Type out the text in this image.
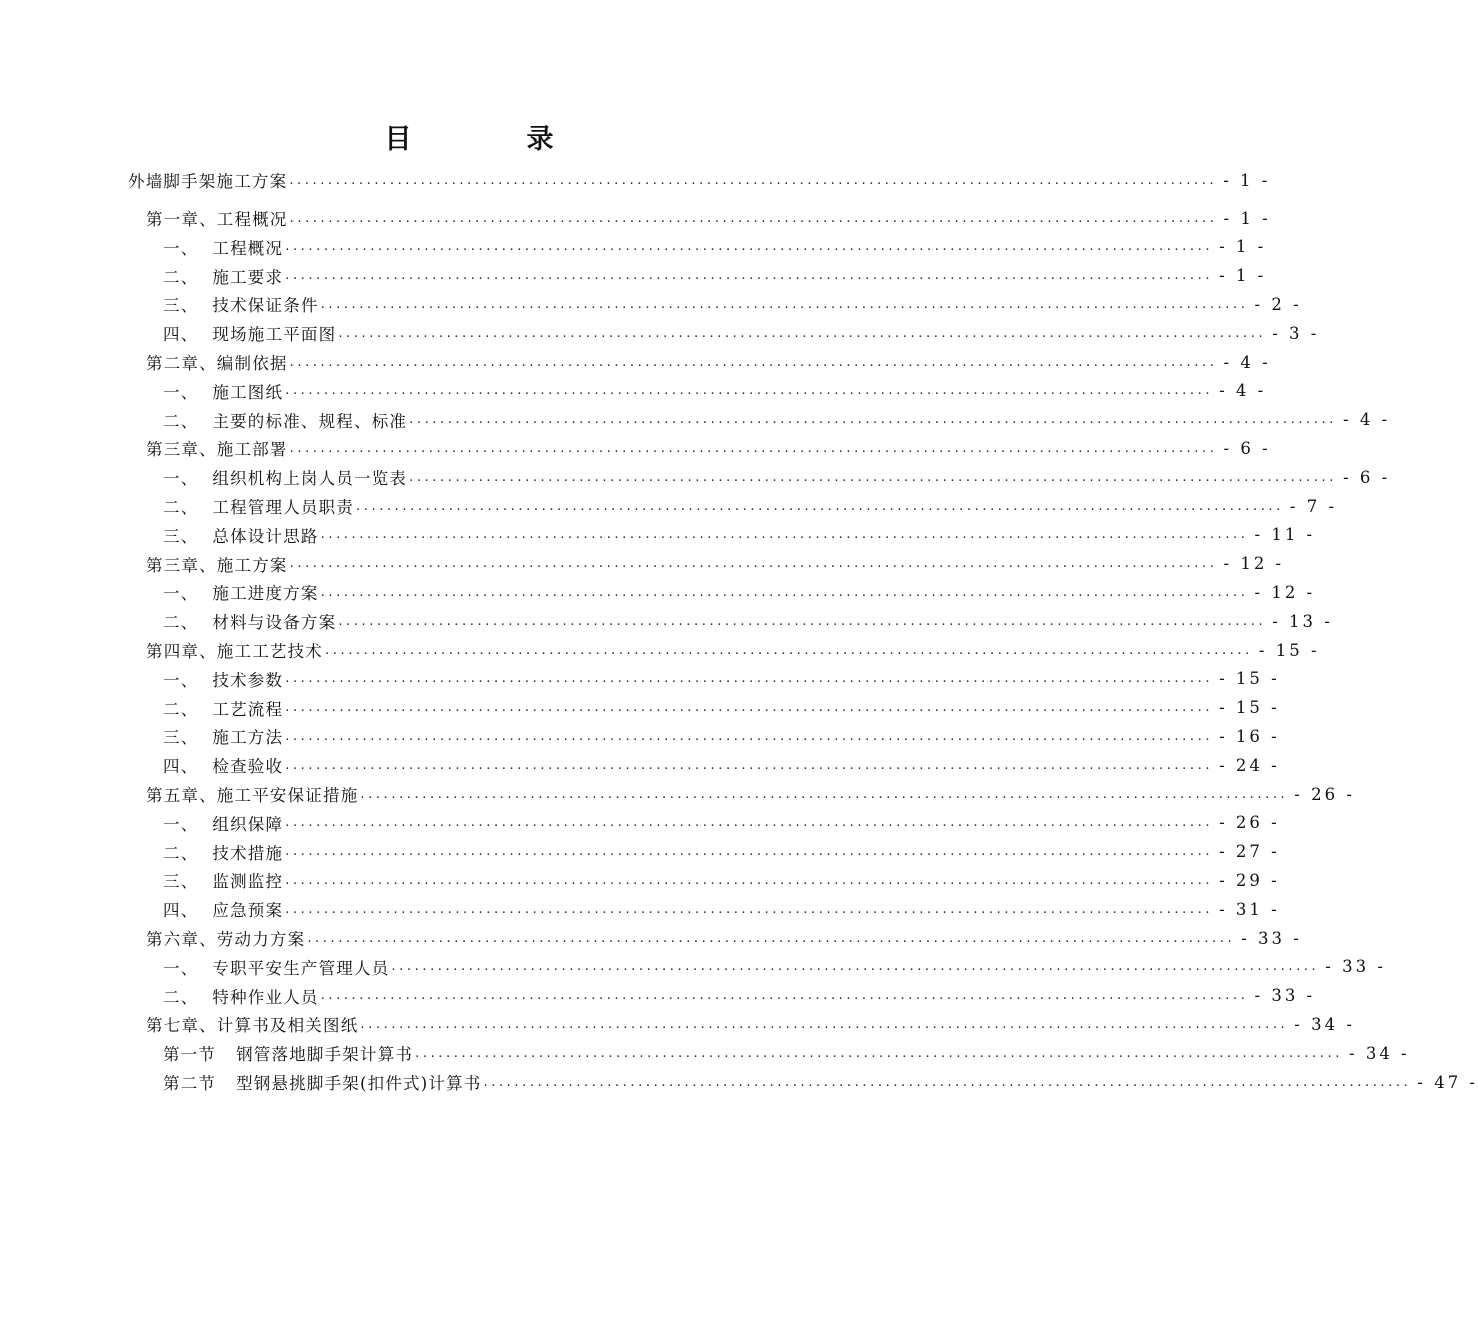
目　录
外墙脚手架施工方案 ........................................................................................................................ - 1 -
第一章、工程概况 ........................................................................................................................ - 1 -
一、 工程概况 ........................................................................................................................ - 1 -
二、 施工要求 ........................................................................................................................ - 1 -
三、 技术保证条件 ........................................................................................................................ - 2 -
四、 现场施工平面图 ........................................................................................................................ - 3 -
第二章、编制依据 ........................................................................................................................ - 4 -
一、 施工图纸 ........................................................................................................................ - 4 -
二、 主要的标准、规程、标准 ........................................................................................................................ - 4 -
第三章、施工部署 ........................................................................................................................ - 6 -
一、 组织机构上岗人员一览表 ........................................................................................................................ - 6 -
二、 工程管理人员职责 ........................................................................................................................ - 7 -
三、 总体设计思路 ........................................................................................................................ - 11 -
第三章、施工方案 ........................................................................................................................ - 12 -
一、 施工进度方案 ........................................................................................................................ - 12 -
二、 材料与设备方案 ........................................................................................................................ - 13 -
第四章、施工工艺技术 ........................................................................................................................ - 15 -
一、 技术参数 ........................................................................................................................ - 15 -
二、 工艺流程 ........................................................................................................................ - 15 -
三、 施工方法 ........................................................................................................................ - 16 -
四、 检查验收 ........................................................................................................................ - 24 -
第五章、施工平安保证措施 ........................................................................................................................ - 26 -
一、 组织保障 ........................................................................................................................ - 26 -
二、 技术措施 ........................................................................................................................ - 27 -
三、 监测监控 ........................................................................................................................ - 29 -
四、 应急预案 ........................................................................................................................ - 31 -
第六章、劳动力方案 ........................................................................................................................ - 33 -
一、 专职平安生产管理人员 ........................................................................................................................ - 33 -
二、 特种作业人员 ........................................................................................................................ - 33 -
第七章、计算书及相关图纸 ........................................................................................................................ - 34 -
第一节 钢管落地脚手架计算书 ........................................................................................................................ - 34 -
第二节 型钢悬挑脚手架(扣件式)计算书 ........................................................................................................................ - 47 -
